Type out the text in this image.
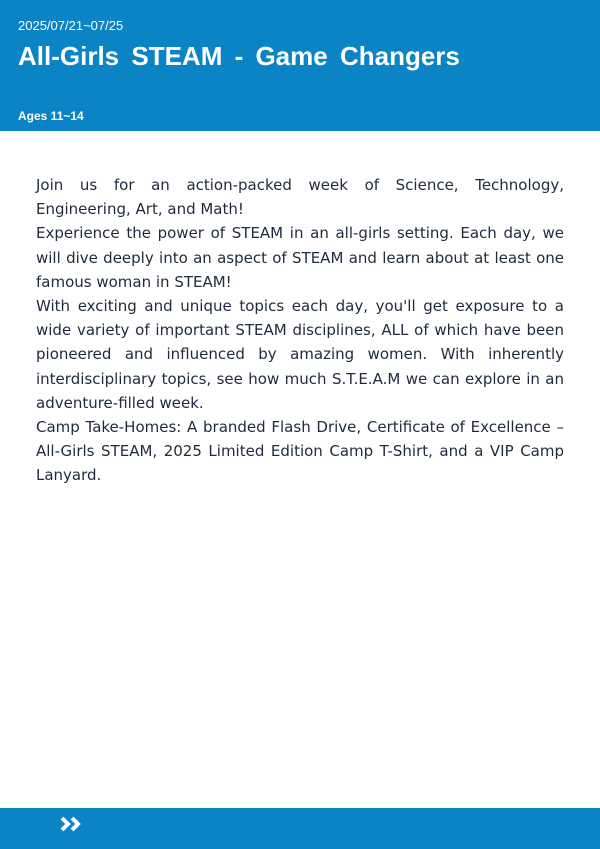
2025/07/21~07/25
All-Girls STEAM - Game Changers
Ages 11~14

Join us for an action-packed week of Science, Technology, Engineering, Art, and Math!

Experience the power of STEAM in an all-girls setting. Each day, we will dive deeply into an aspect of STEAM and learn about at least one famous woman in STEAM!

With exciting and unique topics each day, you'll get exposure to a wide variety of important STEAM disciplines, ALL of which have been pioneered and influenced by amazing women. With inherently interdisciplinary topics, see how much S.T.E.A.M we can explore in an adventure-filled week.

Camp Take-Homes: A branded Flash Drive, Certificate of Excellence – All-Girls STEAM, 2025 Limited Edition Camp T-Shirt, and a VIP Camp Lanyard.
